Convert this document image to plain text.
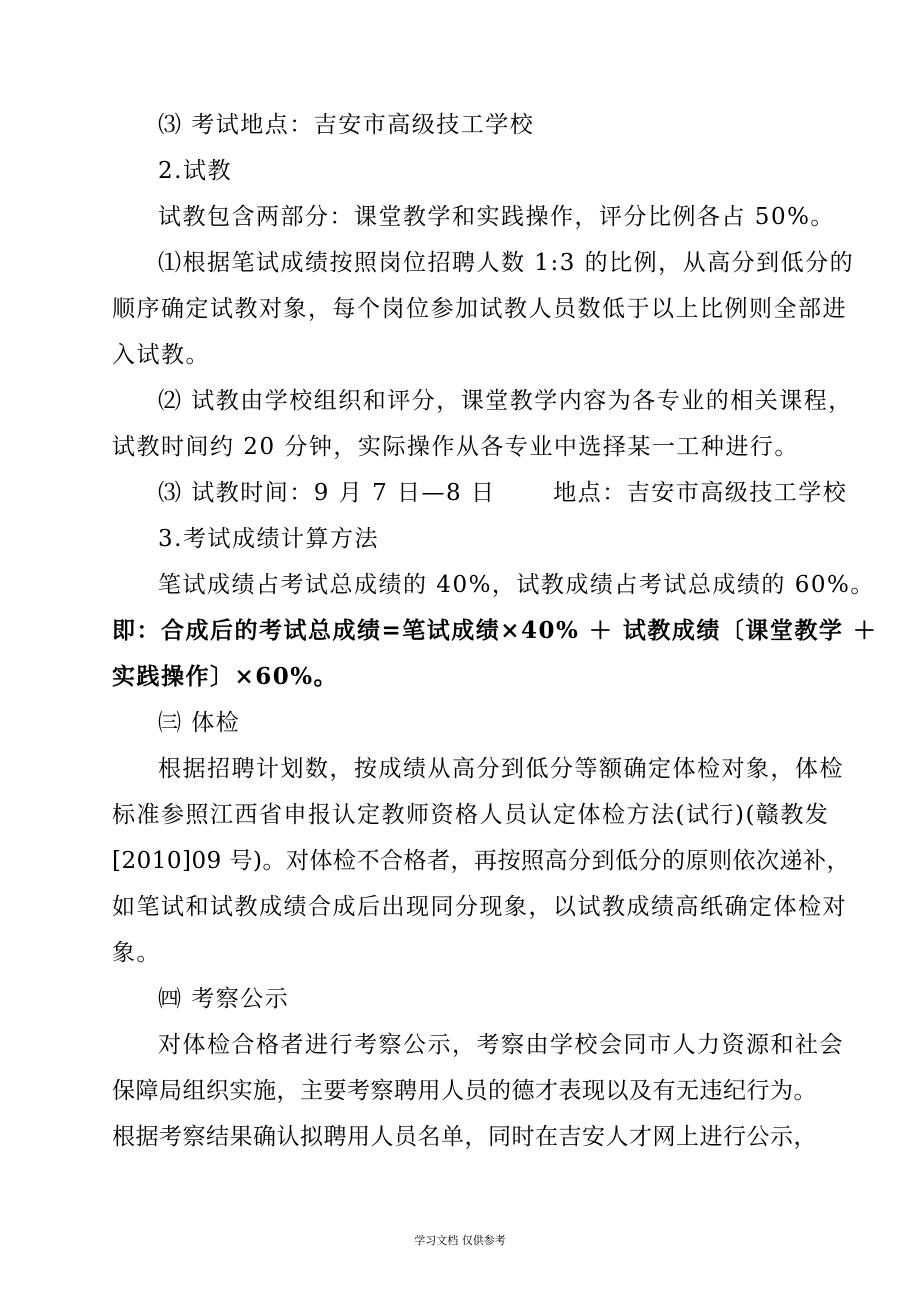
⑶ 考试地点：吉安市高级技工学校
2.试教
试教包含两部分：课堂教学和实践操作，评分比例各占 50%。
⑴根据笔试成绩按照岗位招聘人数 1:3 的比例，从高分到低分的
顺序确定试教对象，每个岗位参加试教人员数低于以上比例则全部进
入试教。
⑵ 试教由学校组织和评分，课堂教学内容为各专业的相关课程，
试教时间约 20 分钟，实际操作从各专业中选择某一工种进行。
⑶ 试教时间：9 月 7 日—8 日　　 地点：吉安市高级技工学校
3.考试成绩计算方法
笔试成绩占考试总成绩的 40%，试教成绩占考试总成绩的 60%。
即：合成后的考试总成绩=笔试成绩×40% ＋ 试教成绩〔课堂教学 ＋
实践操作〕×60%。
㈢ 体检
根据招聘计划数，按成绩从高分到低分等额确定体检对象，体检
标准参照江西省申报认定教师资格人员认定体检方法(试行)(赣教发
[2010]09 号)。对体检不合格者，再按照高分到低分的原则依次递补，
如笔试和试教成绩合成后出现同分现象，以试教成绩高纸确定体检对
象。
㈣ 考察公示
对体检合格者进行考察公示，考察由学校会同市人力资源和社会
保障局组织实施，主要考察聘用人员的德才表现以及有无违纪行为。
根据考察结果确认拟聘用人员名单，同时在吉安人才网上进行公示，
学习文档 仅供参考
